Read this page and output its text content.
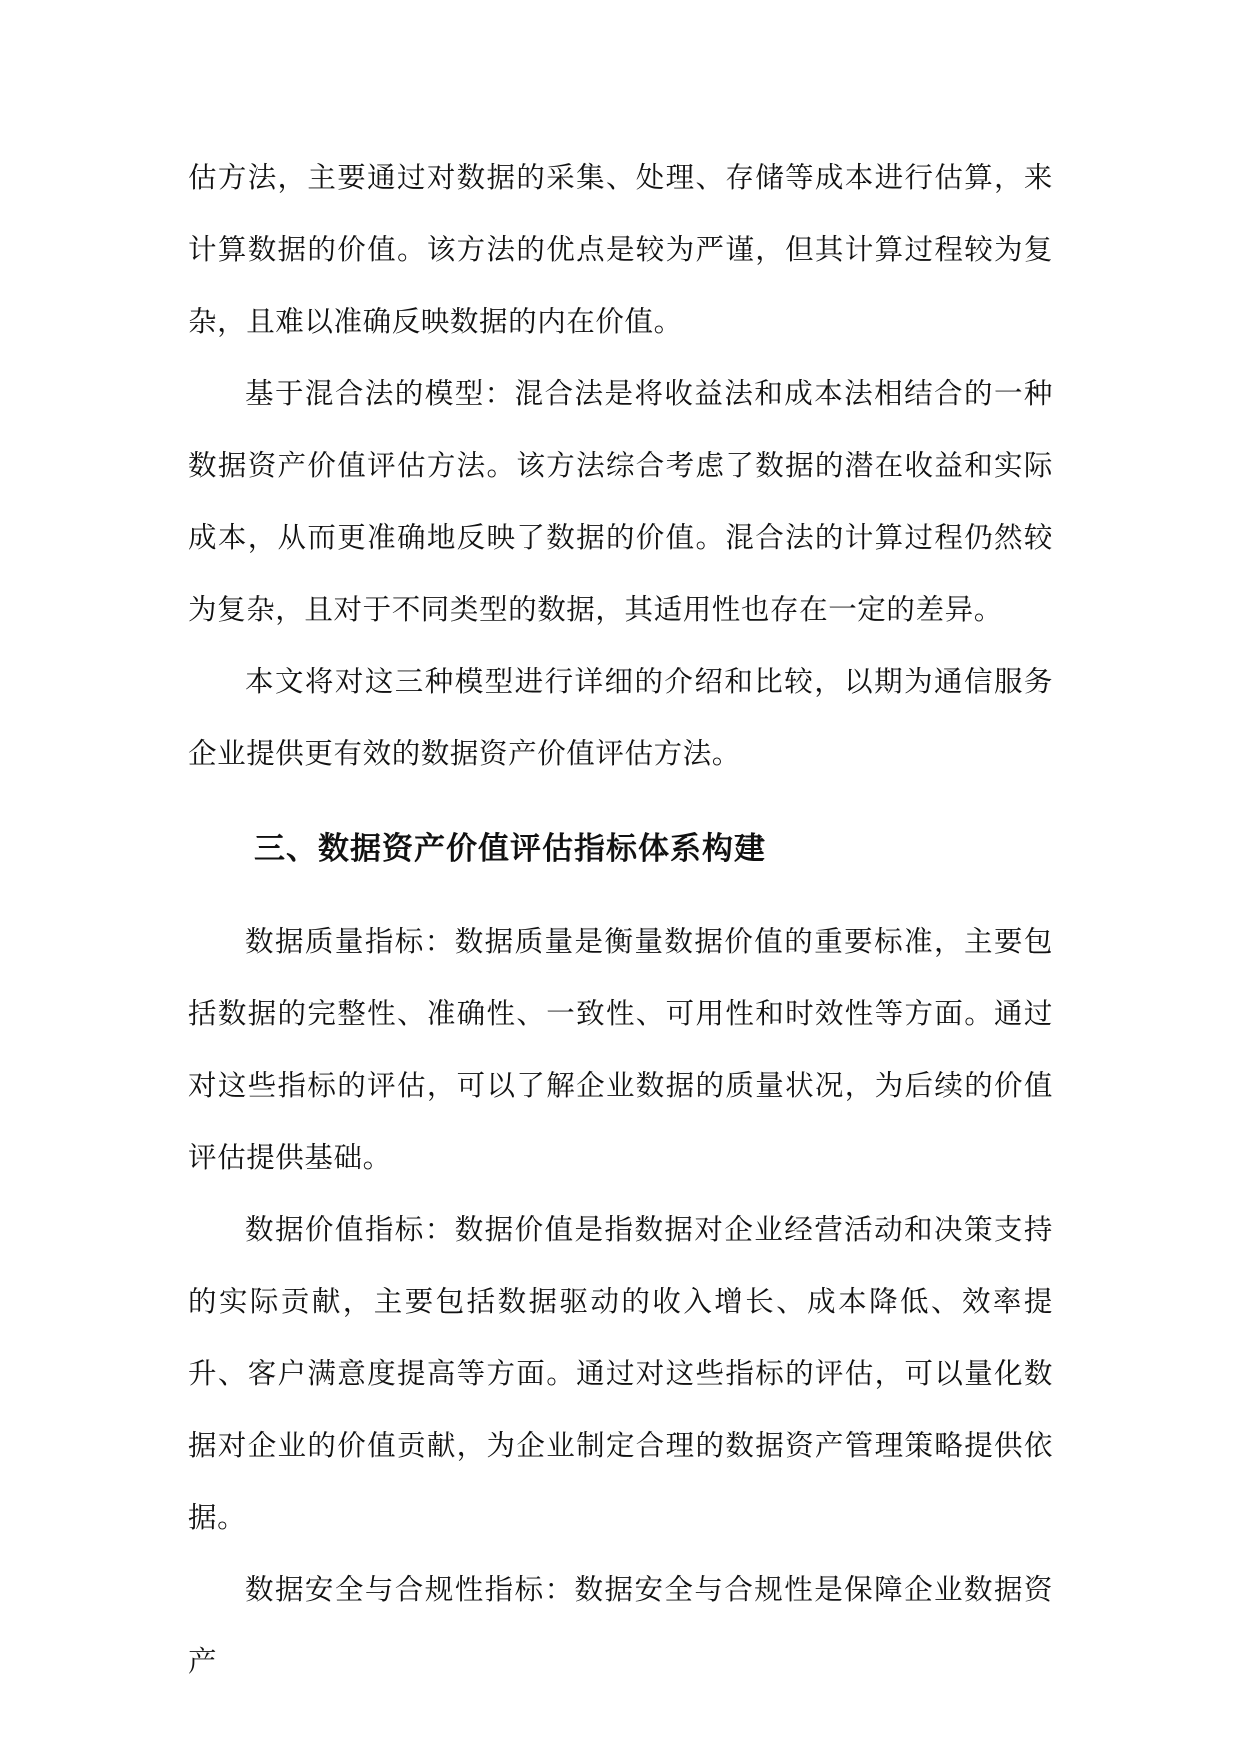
估方法，主要通过对数据的采集、处理、存储等成本进行估算，来计算数据的价值。该方法的优点是较为严谨，但其计算过程较为复杂，且难以准确反映数据的内在价值。

基于混合法的模型：混合法是将收益法和成本法相结合的一种数据资产价值评估方法。该方法综合考虑了数据的潜在收益和实际成本，从而更准确地反映了数据的价值。混合法的计算过程仍然较为复杂，且对于不同类型的数据，其适用性也存在一定的差异。

本文将对这三种模型进行详细的介绍和比较，以期为通信服务企业提供更有效的数据资产价值评估方法。

三、数据资产价值评估指标体系构建

数据质量指标：数据质量是衡量数据价值的重要标准，主要包括数据的完整性、准确性、一致性、可用性和时效性等方面。通过对这些指标的评估，可以了解企业数据的质量状况，为后续的价值评估提供基础。

数据价值指标：数据价值是指数据对企业经营活动和决策支持的实际贡献，主要包括数据驱动的收入增长、成本降低、效率提升、客户满意度提高等方面。通过对这些指标的评估，可以量化数据对企业的价值贡献，为企业制定合理的数据资产管理策略提供依据。

数据安全与合规性指标：数据安全与合规性是保障企业数据资产
